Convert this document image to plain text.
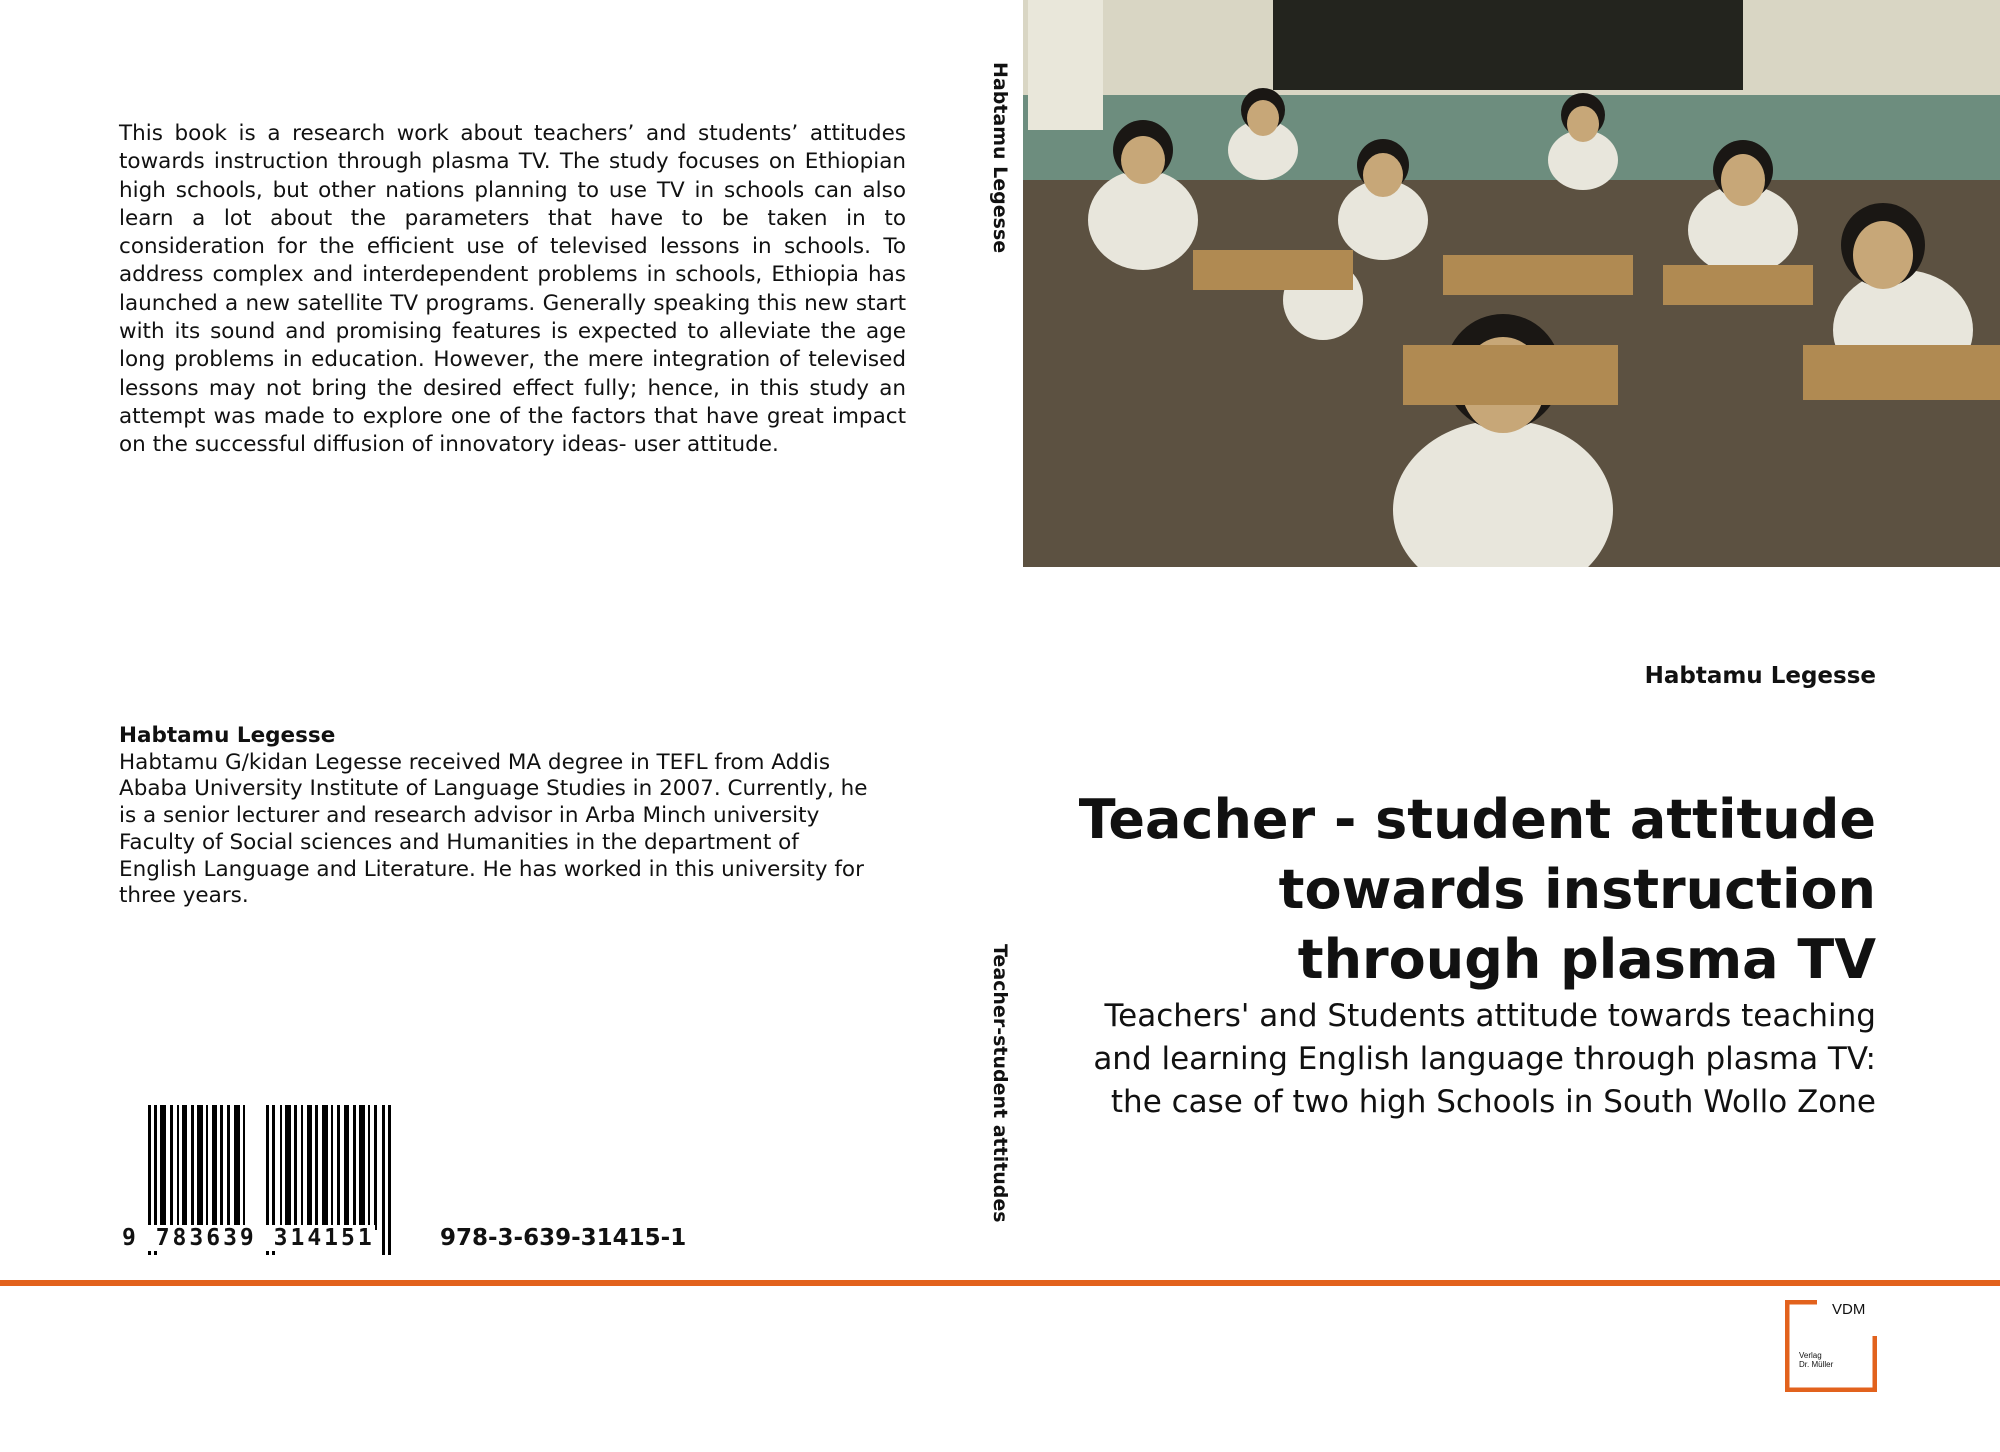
This book is a research work about teachers’ and students’ attitudes towards instruction through plasma TV. The study focuses on Ethiopian high schools, but other nations planning to use TV in schools can also learn a lot about the parameters that have to be taken in to consideration for the efficient use of televised lessons in schools. To address complex and interdependent problems in schools, Ethiopia has launched a new satellite TV programs. Generally speaking this new start with its sound and promising features is expected to alleviate the age long problems in education. However, the mere integration of televised lessons may not bring the desired effect fully; hence, in this study an attempt was made to explore one of the factors that have great impact on the successful diffusion of innovatory ideas- user attitude.

Habtamu Legesse

Habtamu G/kidan Legesse received MA degree in TEFL from Addis Ababa University Institute of Language Studies in 2007. Currently, he is a senior lecturer and research advisor in Arba Minch university Faculty of Social sciences and Humanities in the department of English Language and Literature. He has worked in this university for three years.

Habtamu Legesse
Teacher-student attitudes
Habtamu Legesse
Teacher - student attitude towards instruction through plasma TV

Teachers' and Students attitude towards teaching and learning English language through plasma TV: the case of two high Schools in South Wollo Zone

9 783639 314151	978-3-639-31415-1
VDM
Verlag
Dr. Müller
